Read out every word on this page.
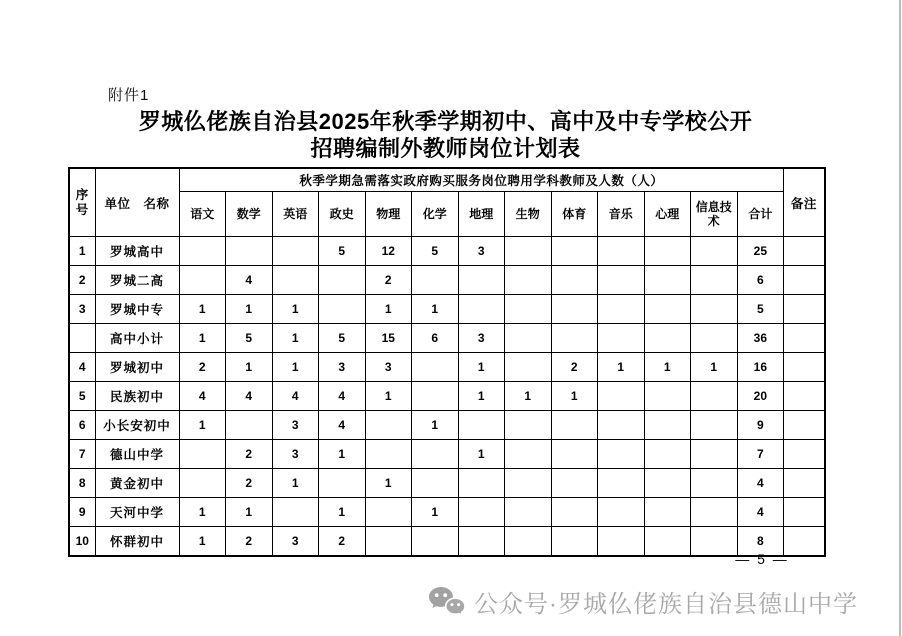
附件1
罗城仫佬族自治县2025年秋季学期初中、高中及中专学校公开
招聘编制外教师岗位计划表
序号	单位　名称	秋季学期急需落实政府购买服务岗位聘用学科教师及人数（人）													备注
		语文	数学	英语	政史	物理	化学	地理	生物	体育	音乐	心理	信息技术	合计	
1	罗城高中				5	12	5	3						25	
2	罗城二高		4			2								6	
3	罗城中专	1	1	1		1	1							5	
	高中小计	1	5	1	5	15	6	3						36	
4	罗城初中	2	1	1	3	3		1		2	1	1	1	16	
5	民族初中	4	4	4	4	1		1	1	1				20	
6	小长安初中	1		3	4		1							9	
7	德山中学		2	3	1			1						7	
8	黄金初中		2	1		1								4	
9	天河中学	1	1		1		1							4	
10	怀群初中	1	2	3	2									8	
— 5 —
公众号·罗城仫佬族自治县德山中学
